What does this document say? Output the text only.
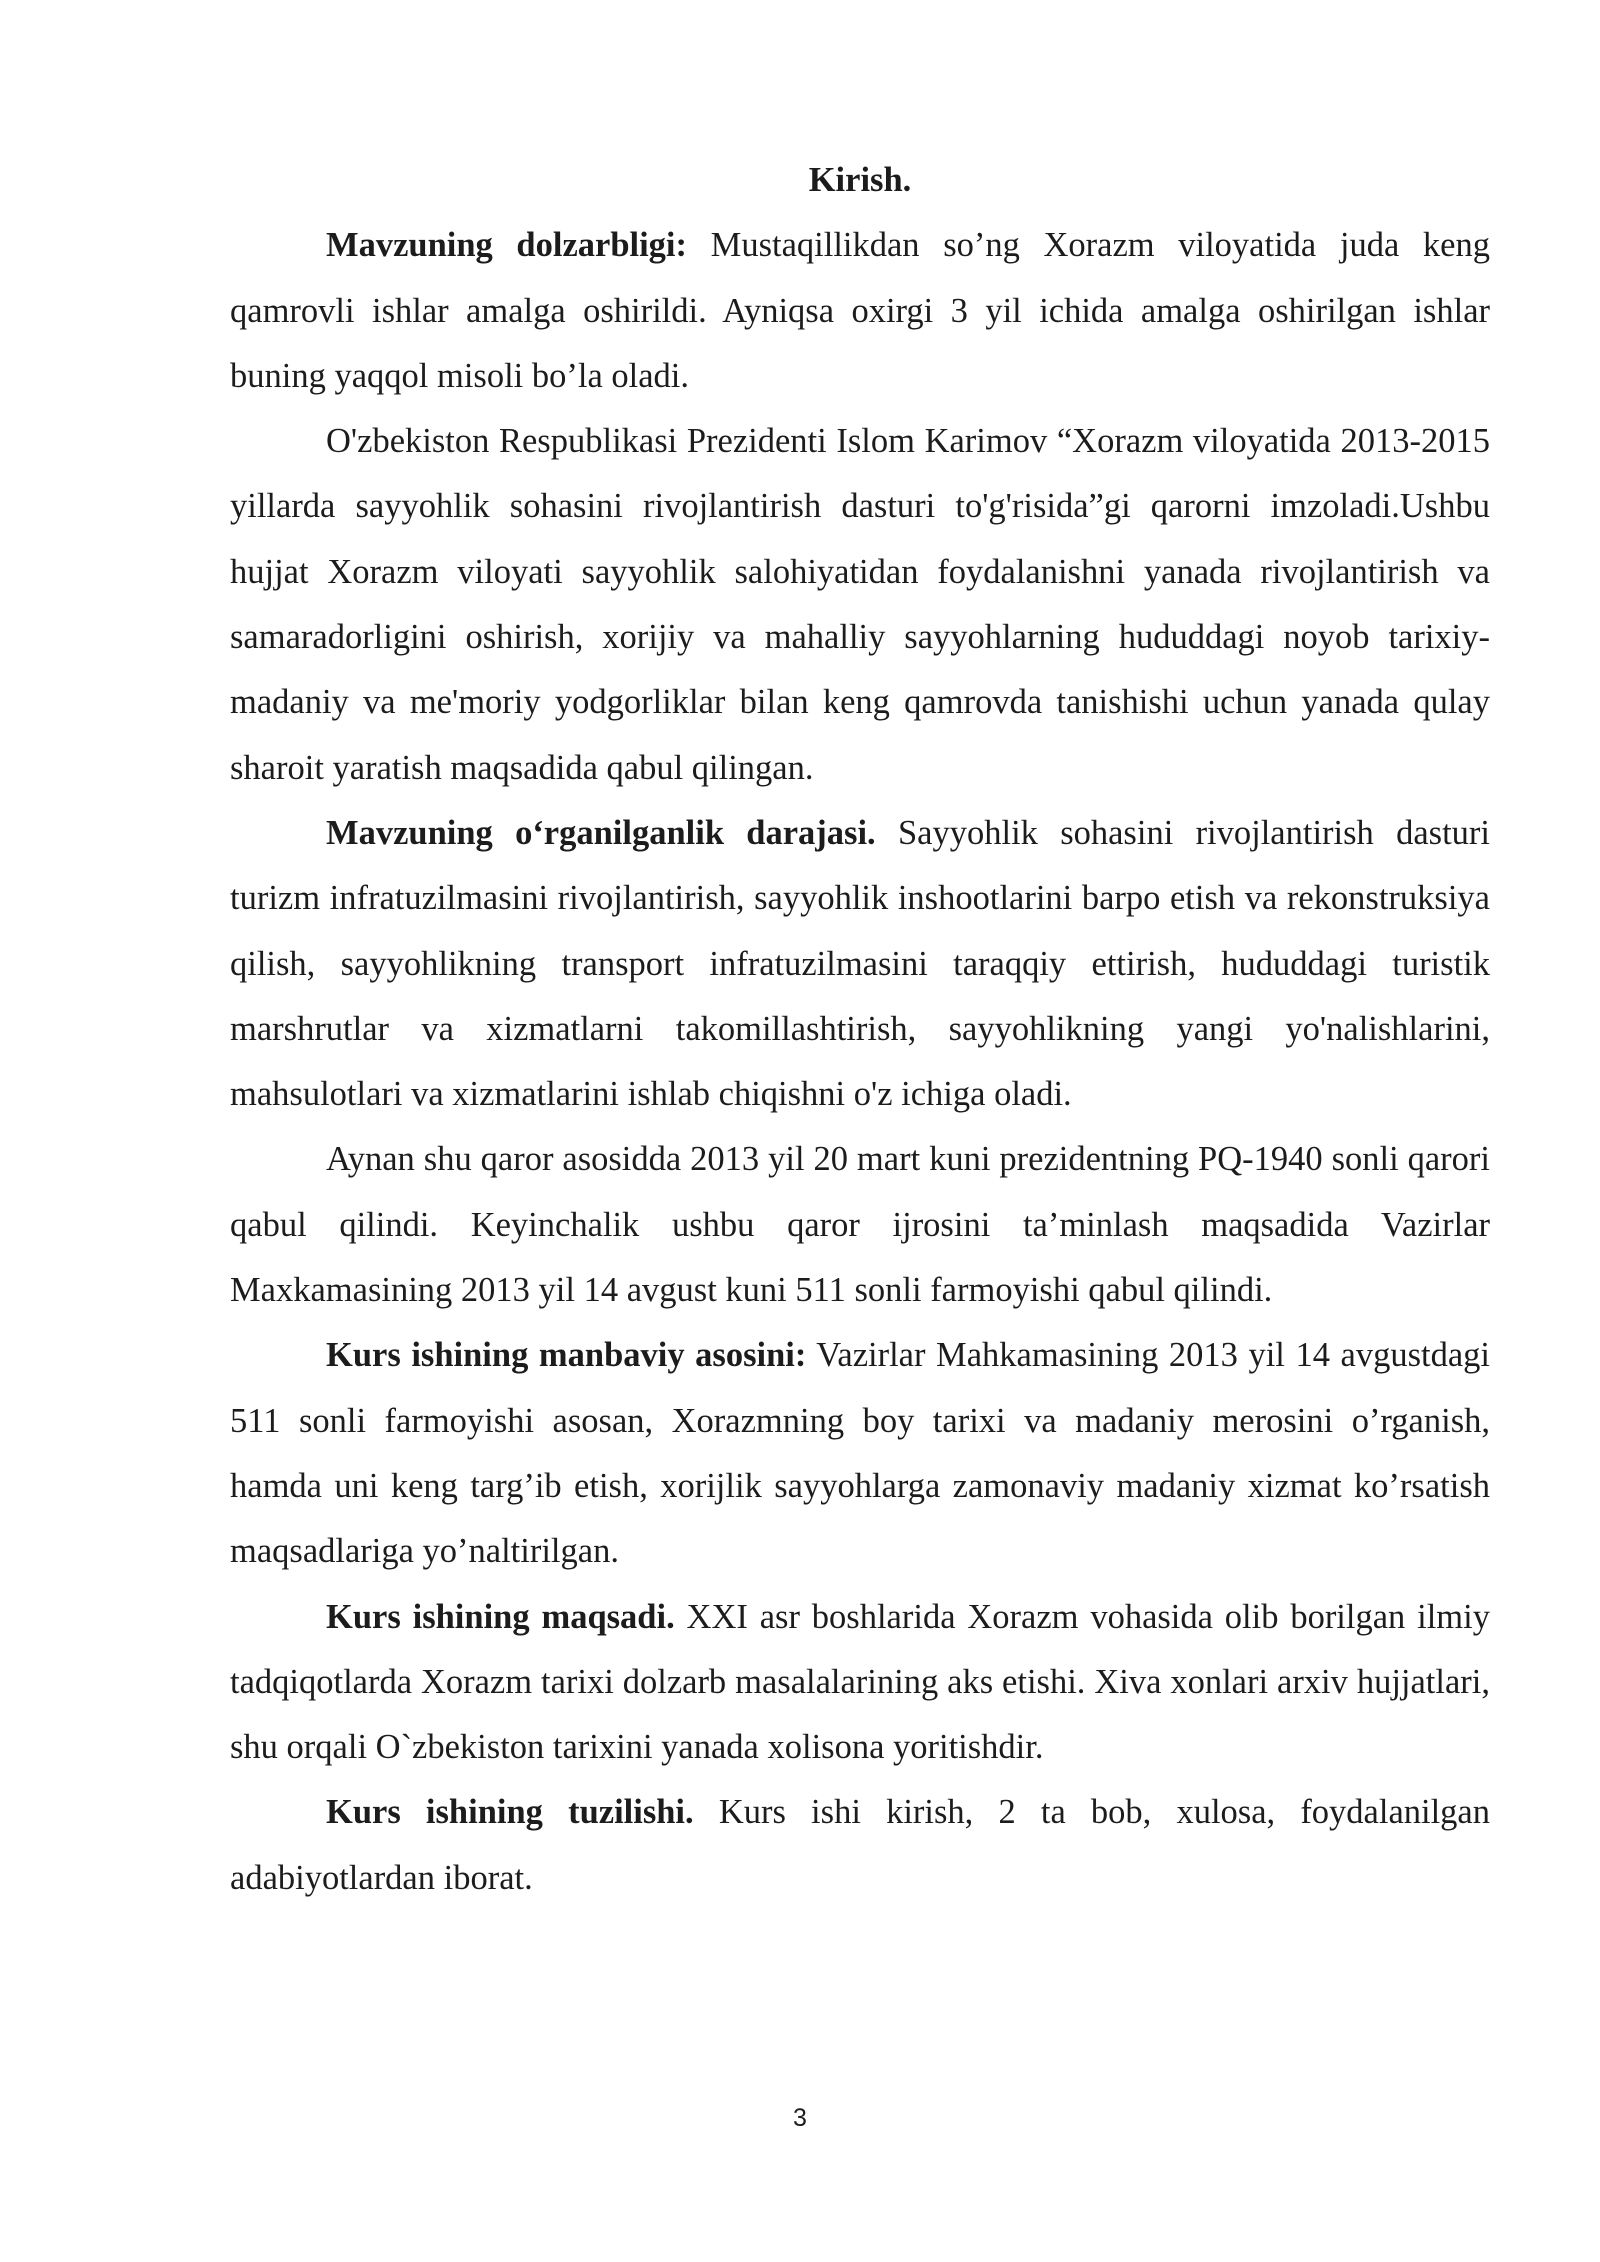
Kirish.

Mavzuning dolzarbligi: Mustaqillikdan so’ng Xorazm viloyatida juda keng qamrovli ishlar amalga oshirildi. Ayniqsa oxirgi 3 yil ichida amalga oshirilgan ishlar buning yaqqol misoli bo’la oladi.

O'zbekiston Respublikasi Prezidenti Islom Karimov “Xorazm viloyatida 2013-2015 yillarda sayyohlik sohasini rivojlantirish dasturi to'g'risida”gi qarorni imzoladi.Ushbu hujjat Xorazm viloyati sayyohlik salohiyatidan foydalanishni yanada rivojlantirish va samaradorligini oshirish, xorijiy va mahalliy sayyohlarning hududdagi noyob tarixiy-madaniy va me'moriy yodgorliklar bilan keng qamrovda tanishishi uchun yanada qulay sharoit yaratish maqsadida qabul qilingan.

Mavzuning o‘rganilganlik darajasi. Sayyohlik sohasini rivojlantirish dasturi turizm infratuzilmasini rivojlantirish, sayyohlik inshootlarini barpo etish va rekonstruksiya qilish, sayyohlikning transport infratuzilmasini taraqqiy ettirish, hududdagi turistik marshrutlar va xizmatlarni takomillashtirish, sayyohlikning yangi yo'nalishlarini, mahsulotlari va xizmatlarini ishlab chiqishni o'z ichiga oladi.

Aynan shu qaror asosidda 2013 yil 20 mart kuni prezidentning PQ-1940 sonli qarori qabul qilindi. Keyinchalik ushbu qaror ijrosini ta’minlash maqsadida Vazirlar Maxkamasining 2013 yil 14 avgust kuni 511 sonli farmoyishi qabul qilindi.

Kurs ishining manbaviy asosini: Vazirlar Mahkamasining 2013 yil 14 avgustdagi 511 sonli farmoyishi asosan, Xorazmning boy tarixi va madaniy merosini o’rganish, hamda uni keng targ’ib etish, xorijlik sayyohlarga zamonaviy madaniy xizmat ko’rsatish maqsadlariga yo’naltirilgan.

Kurs ishining maqsadi. XXI asr boshlarida Xorazm vohasida olib borilgan ilmiy tadqiqotlarda Xorazm tarixi dolzarb masalalarining aks etishi. Xiva xonlari arxiv hujjatlari, shu orqali O`zbekiston tarixini yanada xolisona yoritishdir.

Kurs ishining tuzilishi. Kurs ishi kirish, 2 ta bob, xulosa, foydalanilgan adabiyotlardan iborat.

3
